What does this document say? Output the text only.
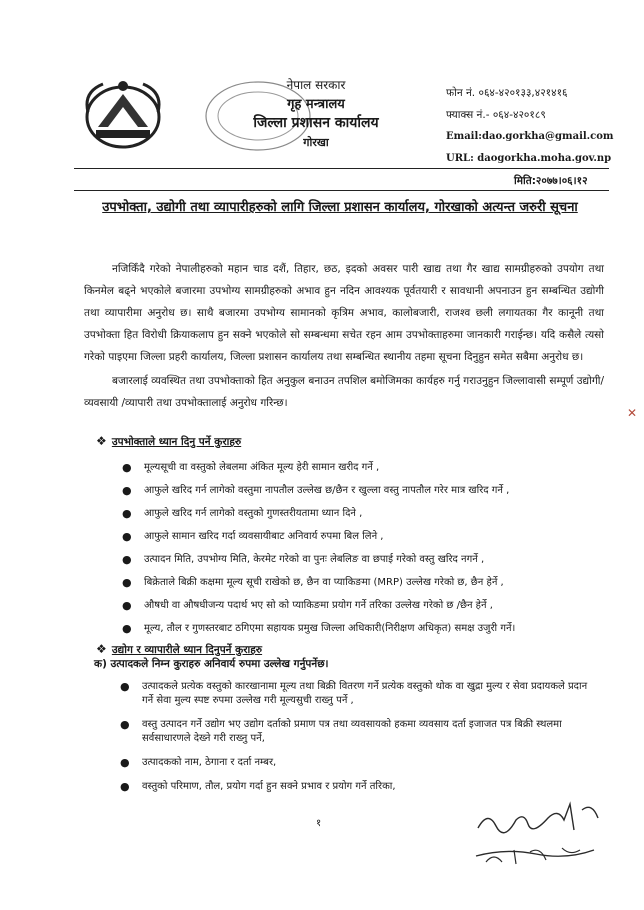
नेपाल सरकार
गृह मन्त्रालय
जिल्ला प्रशासन कार्यालय
गोरखा
फोन नं. ०६४-४२०१३३,४२१४१६
फ्याक्स नं.- ०६४-४२०१८९
Email:dao.gorkha@gmail.com
URL: daogorkha.moha.gov.np
मिति:२०७७।०६।१२
उपभोक्ता, उद्योगी तथा व्यापारीहरुको लागि जिल्ला प्रशासन कार्यालय, गोरखाको अत्यन्त जरुरी सूचना
नजिकिँदै गरेको नेपालीहरुको महान चाड दशैं, तिहार, छठ, इदको अवसर पारी खाद्य तथा गैर खाद्य सामग्रीहरुको उपयोग तथा किनमेल बढ्ने भएकोले बजारमा उपभोग्य सामग्रीहरुको अभाव हुन नदिन आवश्यक पूर्वतयारी र सावधानी अपनाउन हुन सम्बन्धित उद्योगी तथा व्यापारीमा अनुरोध छ। साथै बजारमा उपभोग्य सामानको कृत्रिम अभाव, कालोबजारी, राजश्व छली लगायतका गैर कानूनी तथा उपभोक्ता हित विरोधी क्रियाकलाप हुन सक्ने भएकोले सो सम्बन्धमा सचेत रहन आम उपभोक्ताहरुमा जानकारी गराईन्छ। यदि कसैले त्यसो गरेको पाइएमा जिल्ला प्रहरी कार्यालय, जिल्ला प्रशासन कार्यालय तथा सम्बन्धित स्थानीय तहमा सूचना दिनुहुन समेत सबैमा अनुरोध छ।
बजारलाई व्यवस्थित तथा उपभोक्ताको हित अनुकुल बनाउन तपशिल बमोजिमका कार्यहरु गर्नु गराउनुहुन जिल्लावासी सम्पूर्ण उद्योगी/व्यवसायी /व्यापारी तथा उपभोक्तालाई अनुरोध गरिन्छ।
❖ उपभोक्ताले ध्यान दिनु पर्ने कुराहरु
● मूल्यसूची वा वस्तुको लेबलमा अंकित मूल्य हेरी सामान खरीद गर्ने ,
● आफुले खरिद गर्न लागेको वस्तुमा नापतौल उल्लेख छ/छैन र खुल्ला वस्तु नापतौल गरेर मात्र खरिद गर्ने ,
● आफुले खरिद गर्न लागेको वस्तुको गुणस्तरीयतामा ध्यान दिने ,
● आफुले सामान खरिद गर्दा व्यवसायीबाट अनिवार्य रुपमा बिल लिने ,
● उत्पादन मिति, उपभोग्य मिति, केरमेट गरेको वा पुनः लेबलिङ वा छपाई गरेको वस्तु खरिद नगर्ने ,
● बिक्रेताले बिक्री कक्षमा मूल्य सूची राखेको छ, छैन वा प्याकिङमा (MRP) उल्लेख गरेको छ, छैन हेर्ने ,
● औषधी वा औषधीजन्य पदार्थ भए सो को प्याकिङमा प्रयोग गर्ने तरिका उल्लेख गरेको छ /छैन हेर्ने ,
● मूल्य, तौल र गुणस्तरबाट ठगिएमा सहायक प्रमुख जिल्ला अधिकारी(निरीक्षण अधिकृत) समक्ष उजुरी गर्ने।
❖ उद्योग र व्यापारीले ध्यान दिनुपर्ने कुराहरु
क) उत्पादकले निम्न कुराहरु अनिवार्य रुपमा उल्लेख गर्नुपर्नेछ।
● उत्पादकले प्रत्येक वस्तुको कारखानामा मूल्य तथा बिक्री वितरण गर्ने प्रत्येक वस्तुको थोक वा खुद्रा मुल्य र सेवा प्रदायकले प्रदान गर्ने सेवा मुल्य स्पष्ट रुपमा उल्लेख गरी मूल्यसुची राख्नु पर्ने ,
● वस्तु उत्पादन गर्ने उद्योग भए उद्योग दर्ताको प्रमाण पत्र तथा व्यवसायको हकमा व्यवसाय दर्ता इजाजत पत्र बिक्री स्थलमा सर्वसाधारणले देख्ने गरी राख्नु पर्ने,
● उत्पादकको नाम, ठेगाना र दर्ता नम्बर,
● वस्तुको परिमाण, तौल, प्रयोग गर्दा हुन सक्ने प्रभाव र प्रयोग गर्ने तरिका,
१
✕
